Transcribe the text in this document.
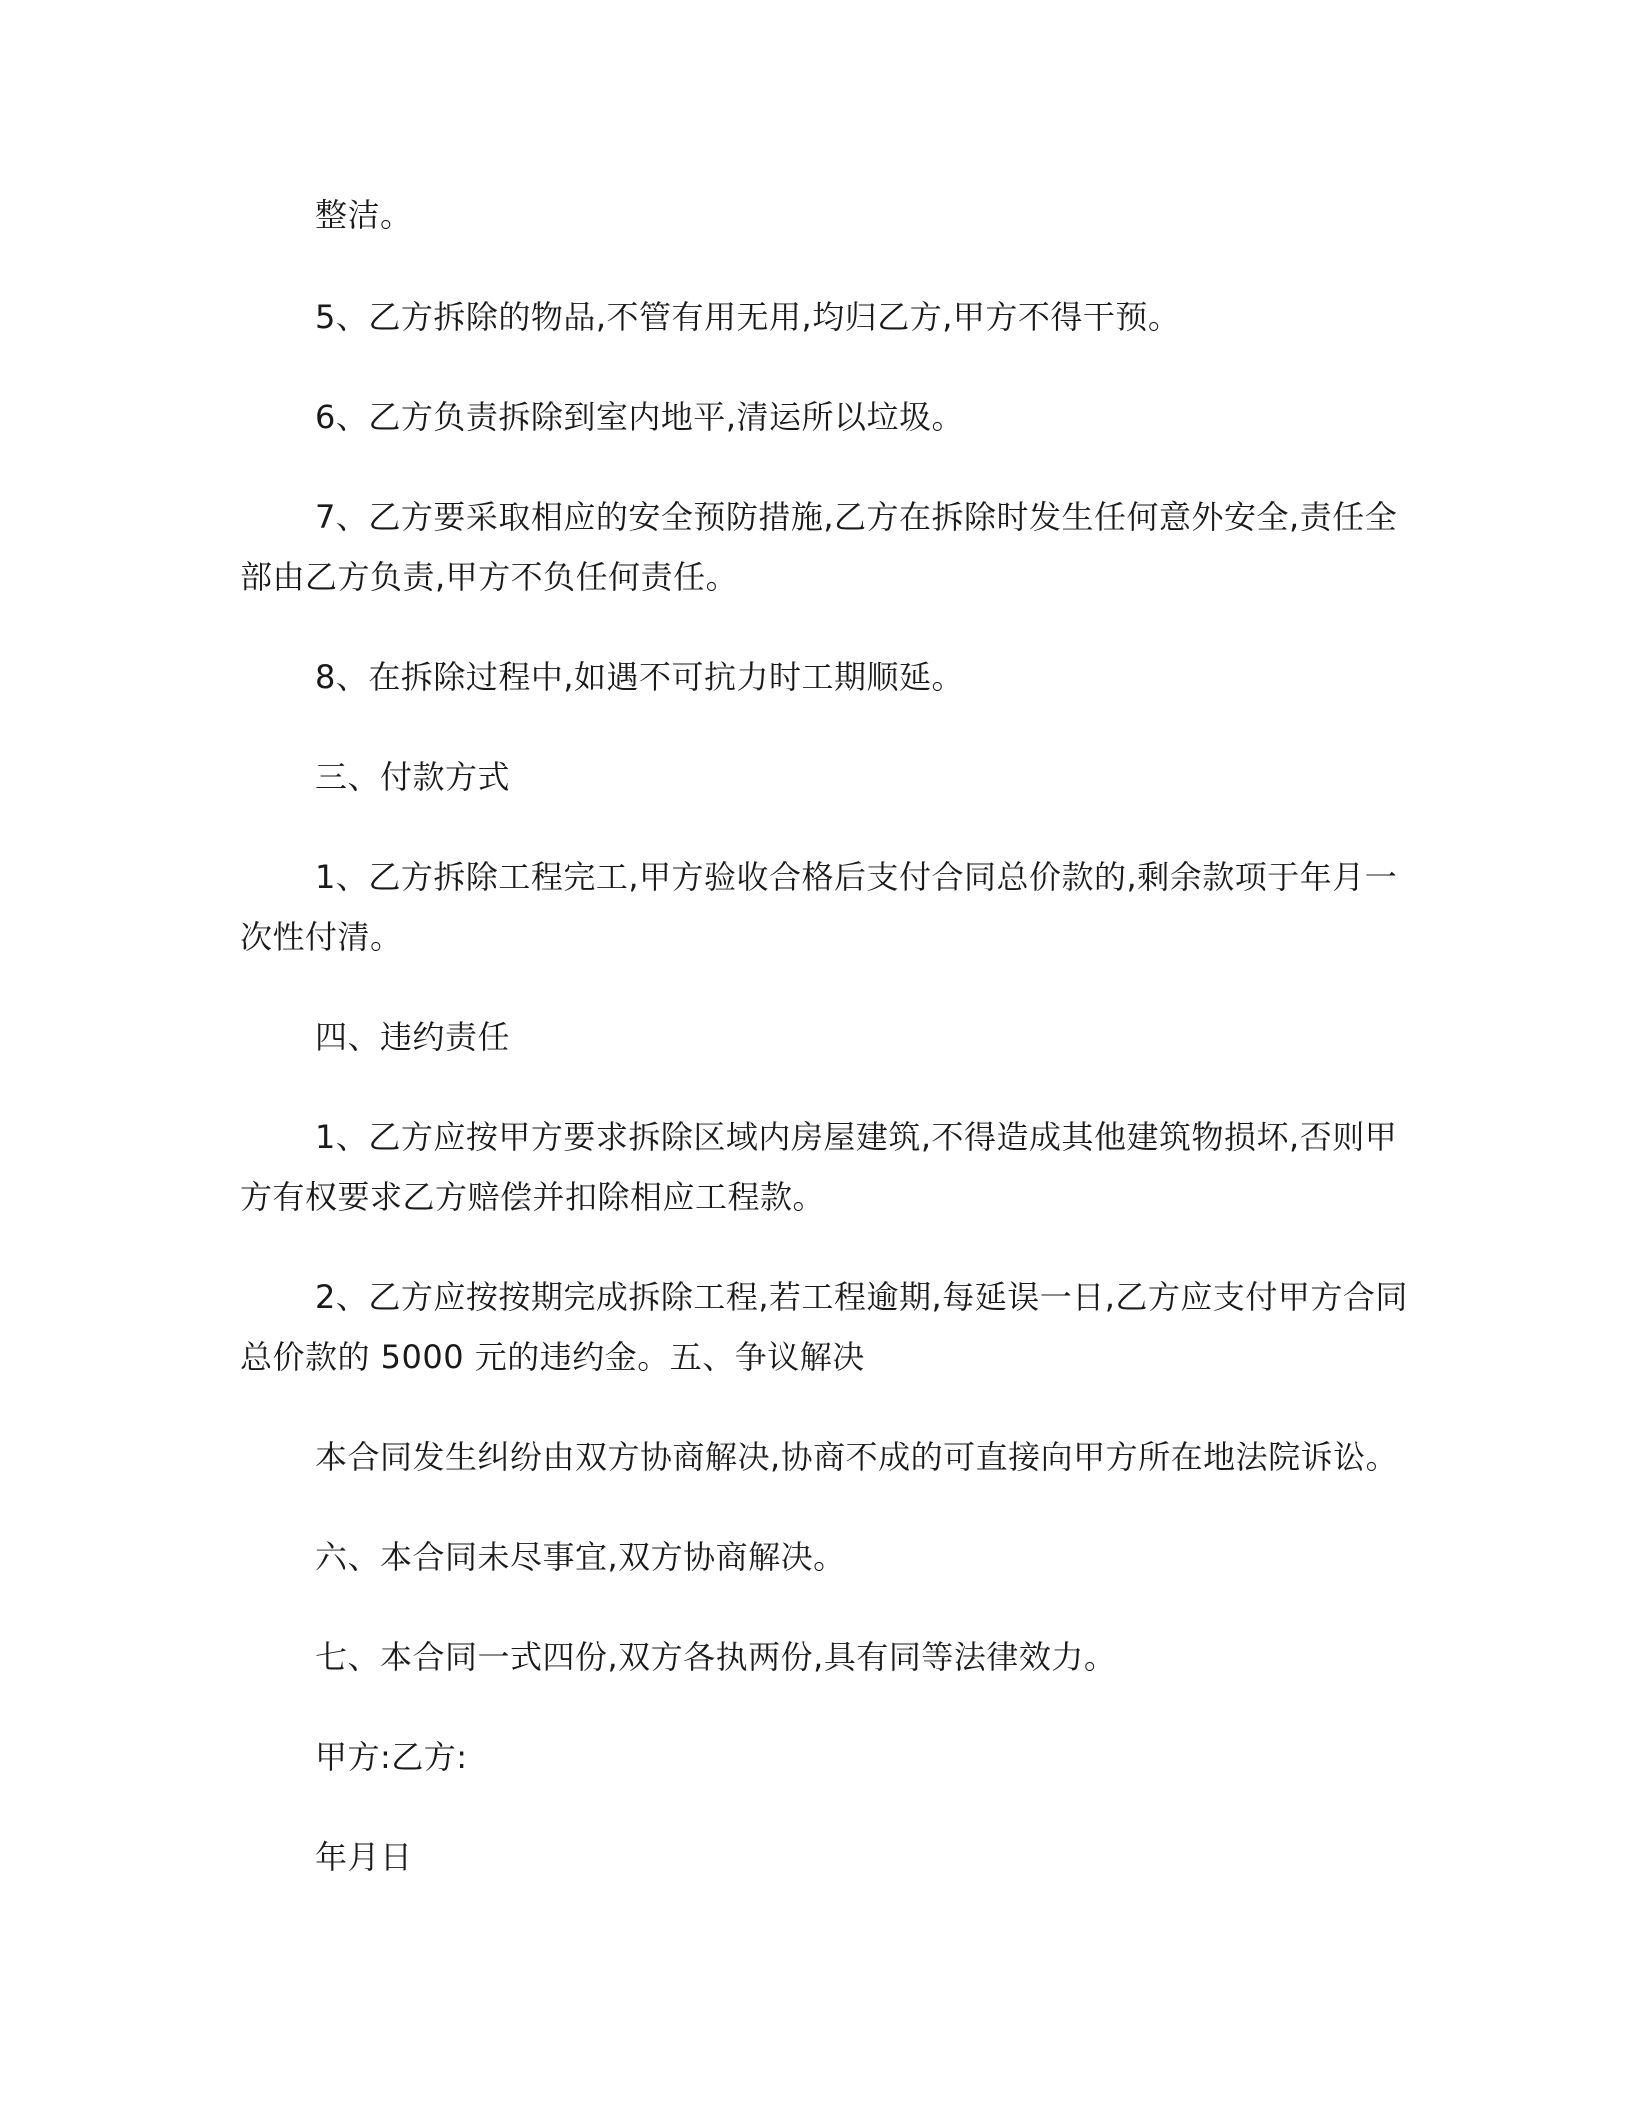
整洁。
5、乙方拆除的物品,不管有用无用,均归乙方,甲方不得干预。
6、乙方负责拆除到室内地平,清运所以垃圾。
7、乙方要采取相应的安全预防措施,乙方在拆除时发生任何意外安全,责任全
部由乙方负责,甲方不负任何责任。
8、在拆除过程中,如遇不可抗力时工期顺延。
三、付款方式
1、乙方拆除工程完工,甲方验收合格后支付合同总价款的,剩余款项于年月一
次性付清。
四、违约责任
1、乙方应按甲方要求拆除区域内房屋建筑,不得造成其他建筑物损坏,否则甲
方有权要求乙方赔偿并扣除相应工程款。
2、乙方应按按期完成拆除工程,若工程逾期,每延误一日,乙方应支付甲方合同
总价款的 5000 元的违约金。五、争议解决
本合同发生纠纷由双方协商解决,协商不成的可直接向甲方所在地法院诉讼。
六、本合同未尽事宜,双方协商解决。
七、本合同一式四份,双方各执两份,具有同等法律效力。
甲方:乙方:
年月日
